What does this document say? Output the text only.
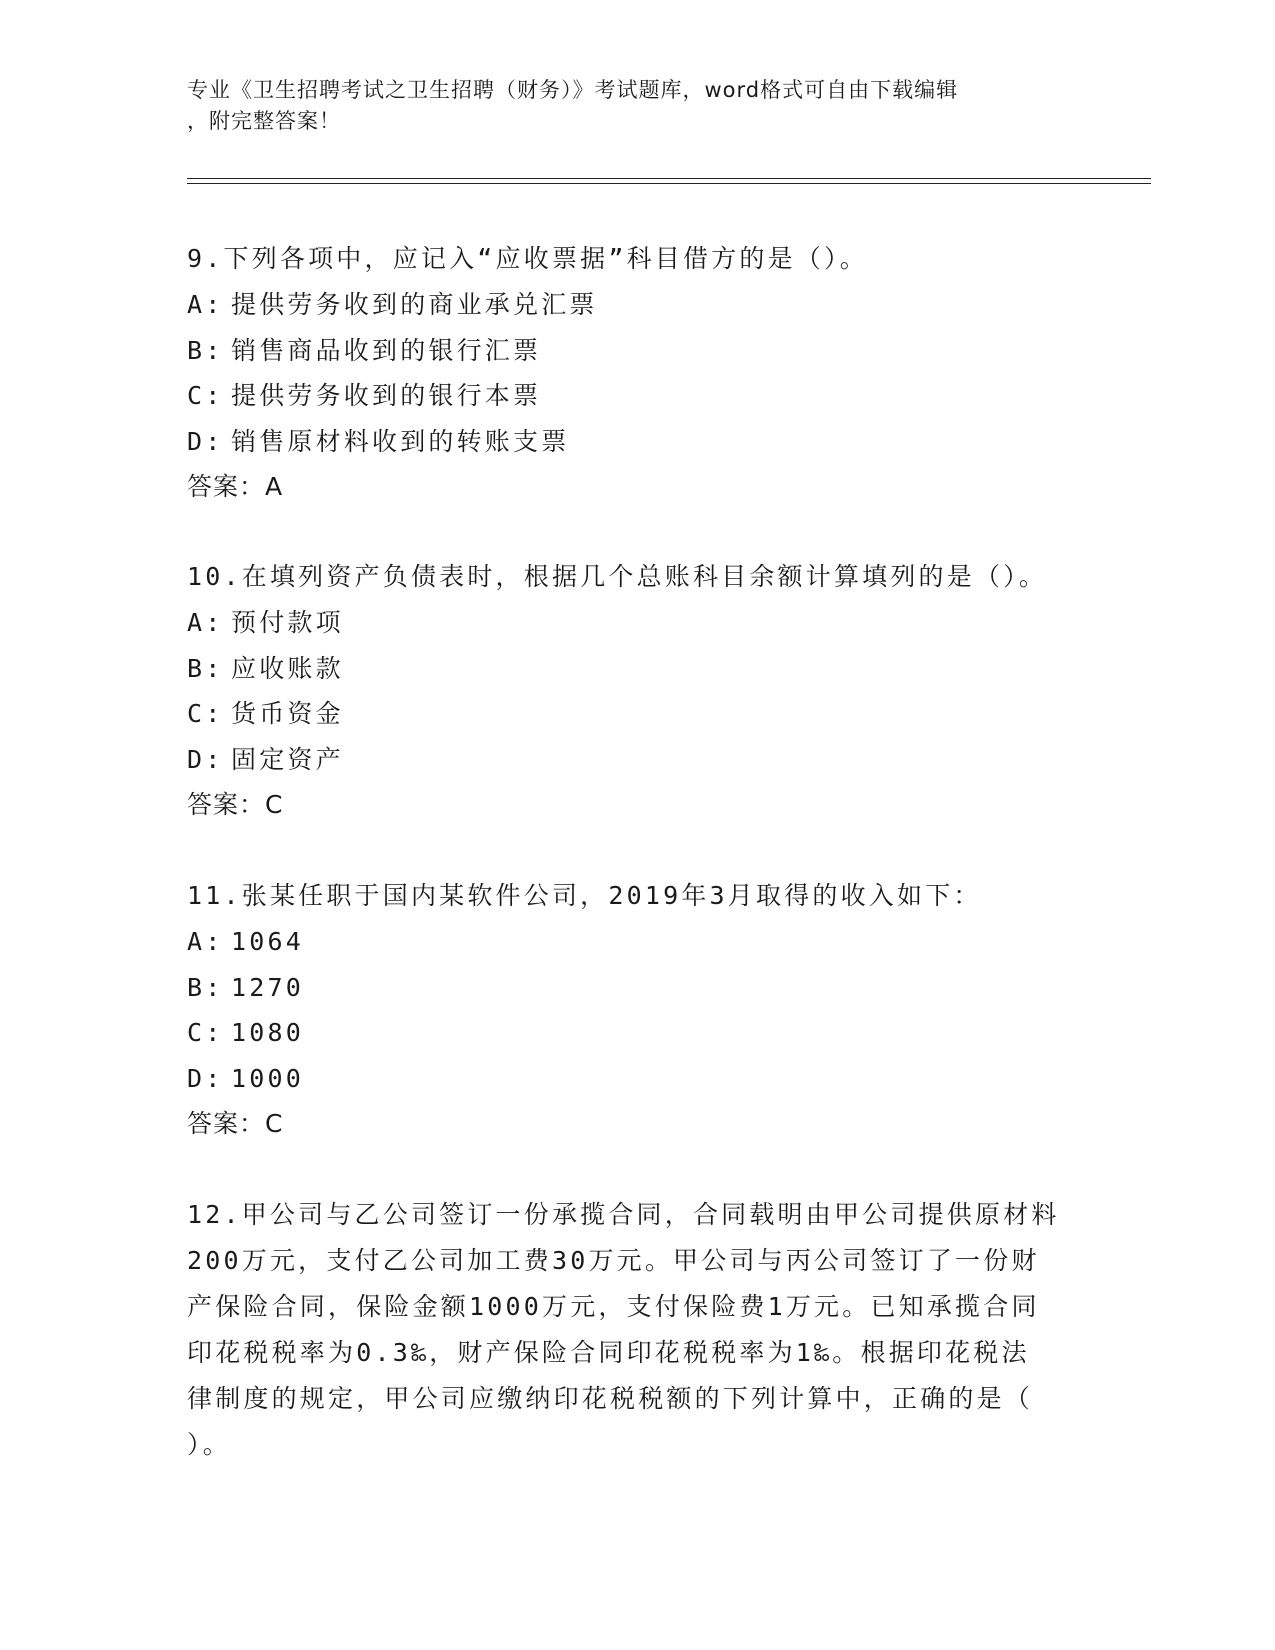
专业《卫生招聘考试之卫生招聘（财务）》考试题库，word格式可自由下载编辑
，附完整答案！
9.下列各项中，应记入“应收票据”科目借方的是（）。
A: 提供劳务收到的商业承兑汇票
B: 销售商品收到的银行汇票
C: 提供劳务收到的银行本票
D: 销售原材料收到的转账支票
答案：A
10.在填列资产负债表时，根据几个总账科目余额计算填列的是（）。
A: 预付款项
B: 应收账款
C: 货币资金
D: 固定资产
答案：C
11.张某任职于国内某软件公司，2019年3月取得的收入如下：
A: 1064
B: 1270
C: 1080
D: 1000
答案：C
12.甲公司与乙公司签订一份承揽合同，合同载明由甲公司提供原材料
200万元，支付乙公司加工费30万元。甲公司与丙公司签订了一份财
产保险合同，保险金额1000万元，支付保险费1万元。已知承揽合同
印花税税率为0.3‰，财产保险合同印花税税率为1‰。根据印花税法
律制度的规定，甲公司应缴纳印花税税额的下列计算中，正确的是（
）。
